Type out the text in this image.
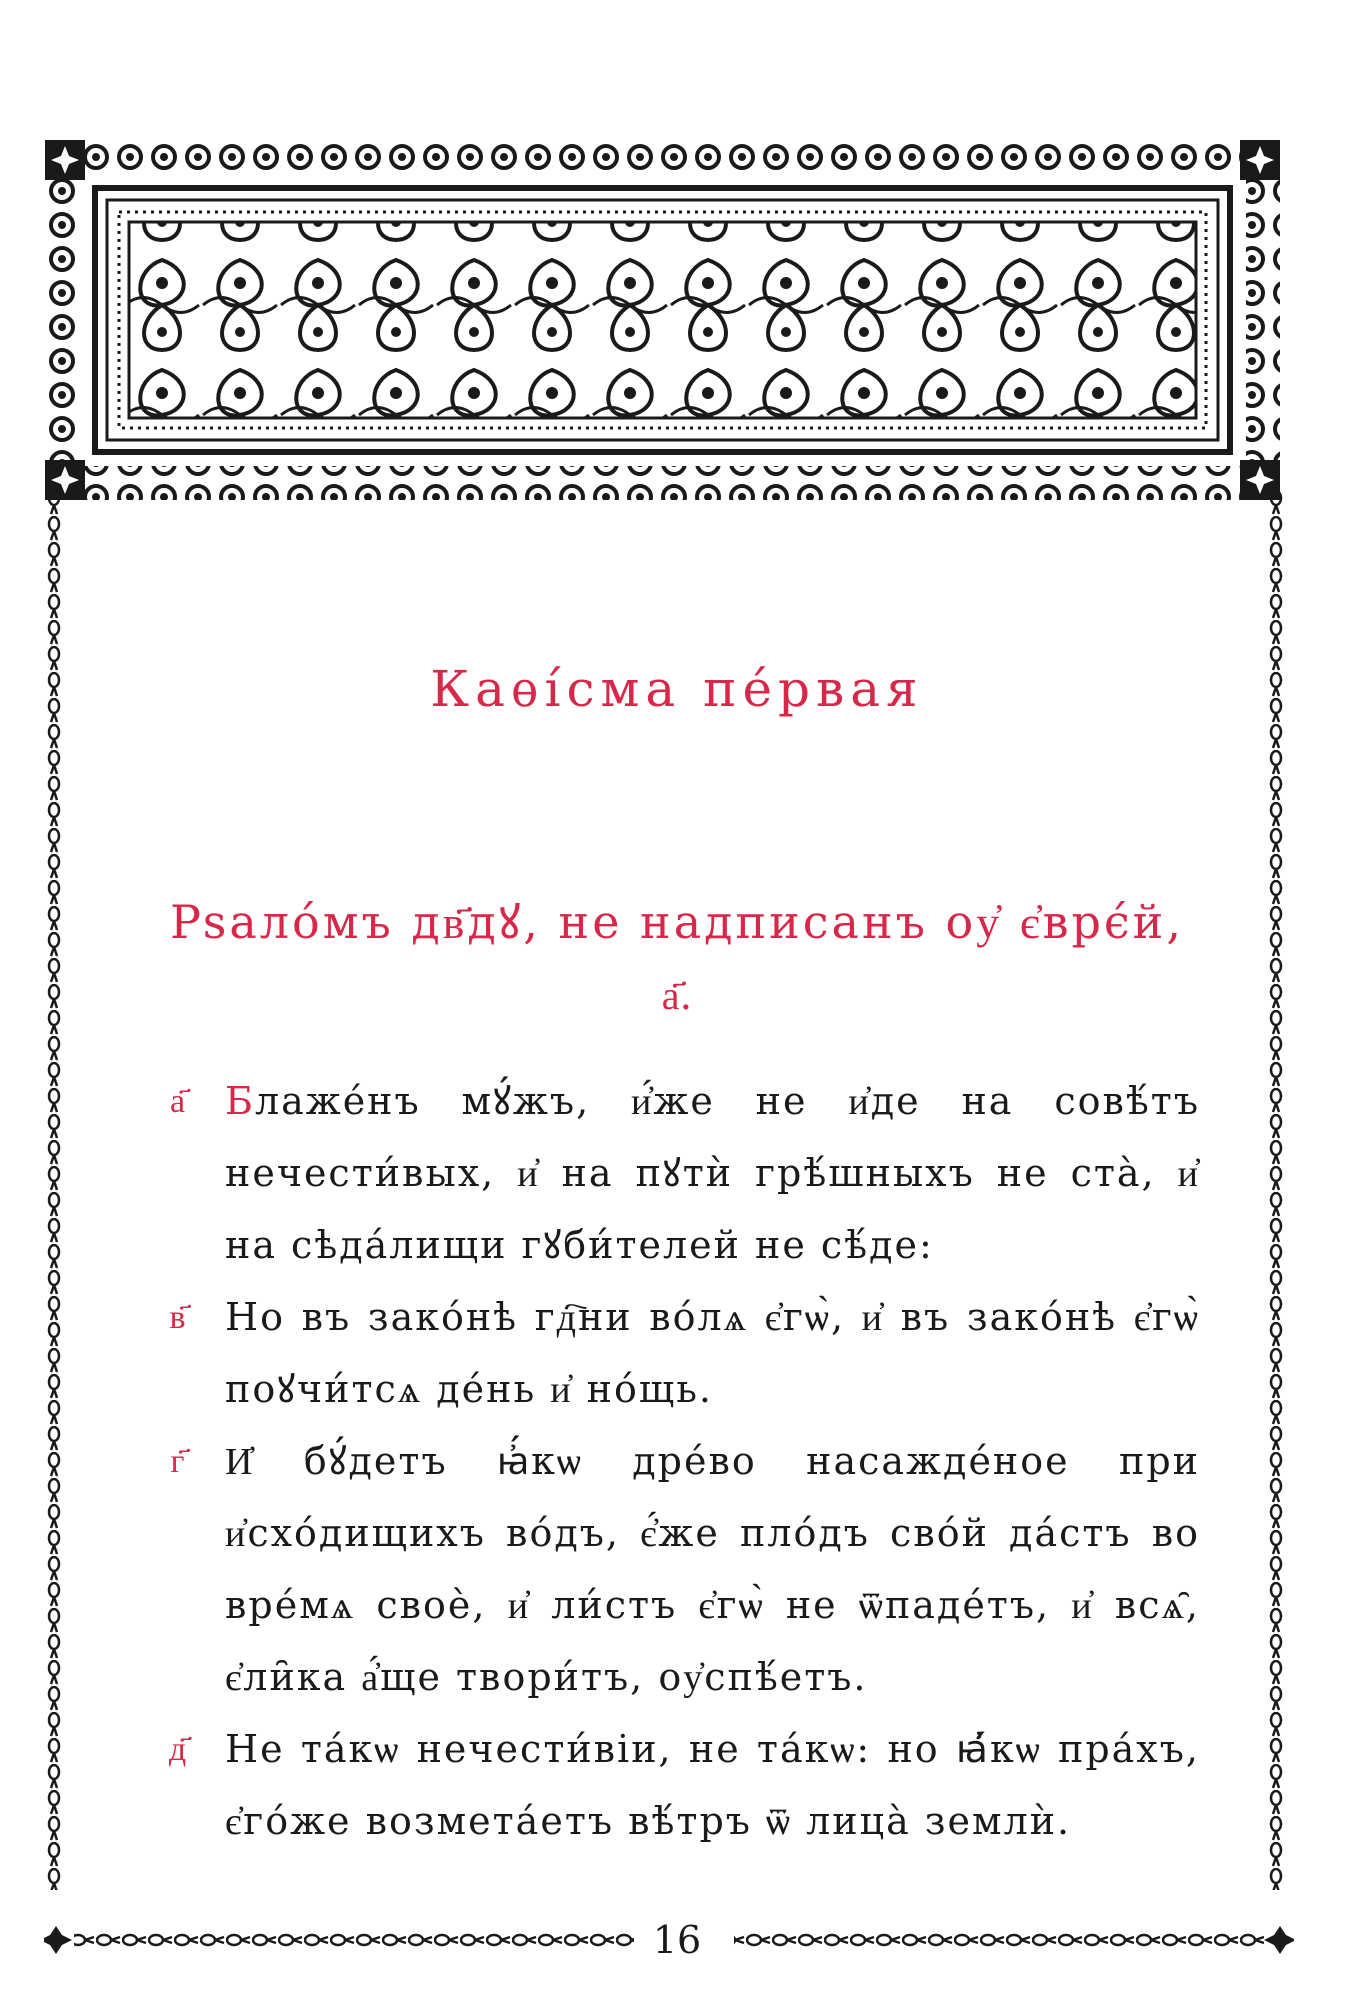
Каѳі́сма пе́рвая
Psалóмъ дв҃дꙋ, не надписанъ оу҆ є҆врє́й,
а҃.
а҃	Блаже́нъ мꙋ́жъ, и҆́же не и҆де на совѣ́тъ нечести́вых, и҆ на пꙋтѝ грѣ́шныхъ не ста̀, и҆ на сѣда́лищи гꙋби́телей не сѣ́де:
в҃	Но въ зако́нѣ гд҇ни во́лѧ є҆гѡ̀, и҆ въ зако́нѣ є҆гѡ̀ поꙋчи́тсѧ де́нь и҆ но́щь.
г҃	И҆ бꙋ́детъ ꙗ҆́кѡ дре́во насажде́ное при и҆схо́дищихъ во́дъ, є҆́же пло́дъ сво́й да́стъ во вре́мѧ своѐ, и҆ ли́стъ є҆гѡ̀ не ѿпаде́тъ, и҆ всѧ̑, є҆ли̑ка а҆́ще твори́тъ, оу҆спѣ́етъ.
д҃	Не та́кѡ нечести́віи, не та́кѡ: но ꙗ҆́кѡ пра́хъ, є҆го́же возмета́етъ вѣ́тръ ѿ лица̀ землѝ.
16
